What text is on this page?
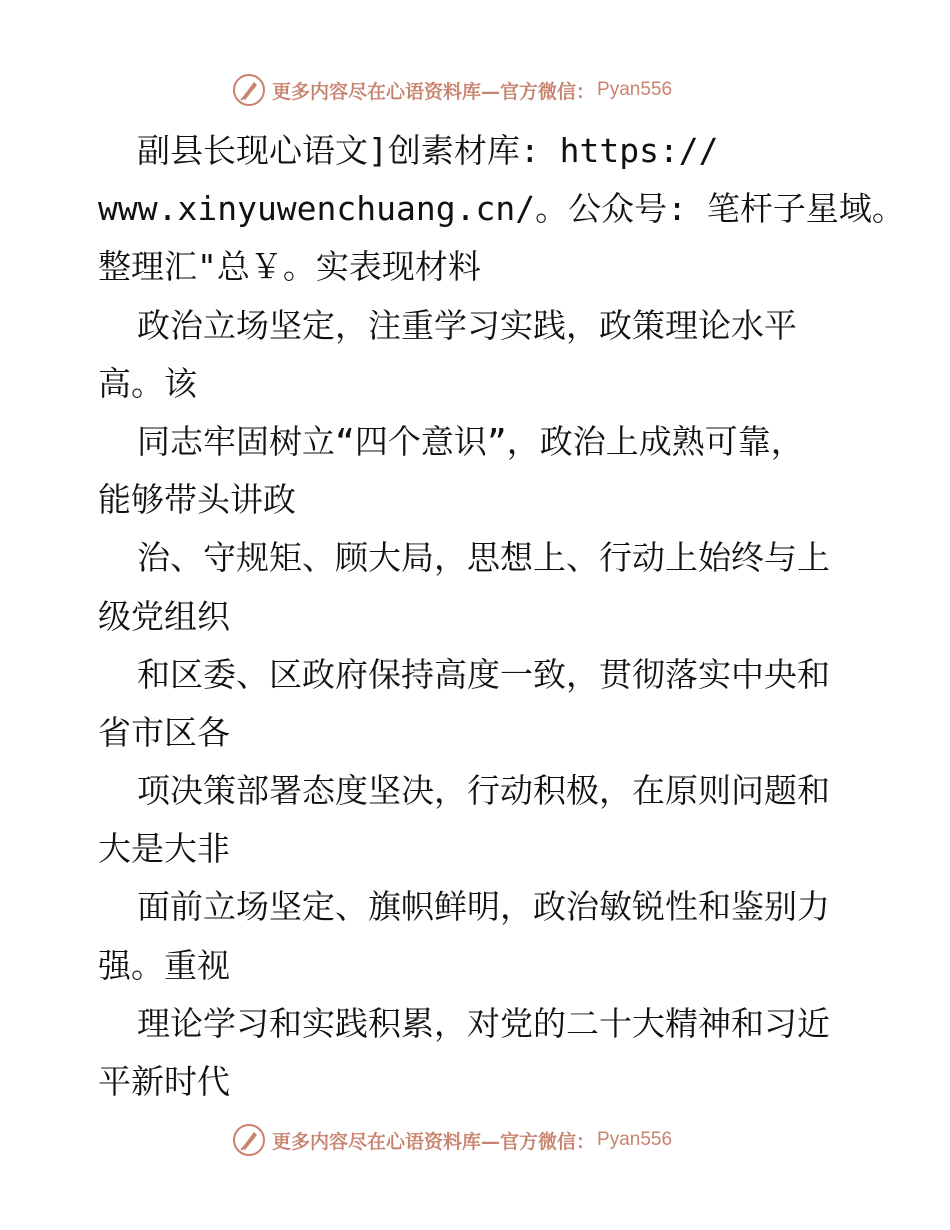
更多内容尽在心语资料库—官方微信： Pyan556
副县长现心语文]创素材库: https://
www.xinyuwenchuang.cn/。公众号: 笔杆子星域。
整理汇"总￥。实表现材料
政治立场坚定，注重学习实践，政策理论水平
高。该
同志牢固树立“四个意识”，政治上成熟可靠，
能够带头讲政
治、守规矩、顾大局，思想上、行动上始终与上
级党组织
和区委、区政府保持高度一致，贯彻落实中央和
省市区各
项决策部署态度坚决，行动积极，在原则问题和
大是大非
面前立场坚定、旗帜鲜明，政治敏锐性和鉴别力
强。重视
理论学习和实践积累，对党的二十大精神和习近
平新时代
更多内容尽在心语资料库—官方微信： Pyan556
